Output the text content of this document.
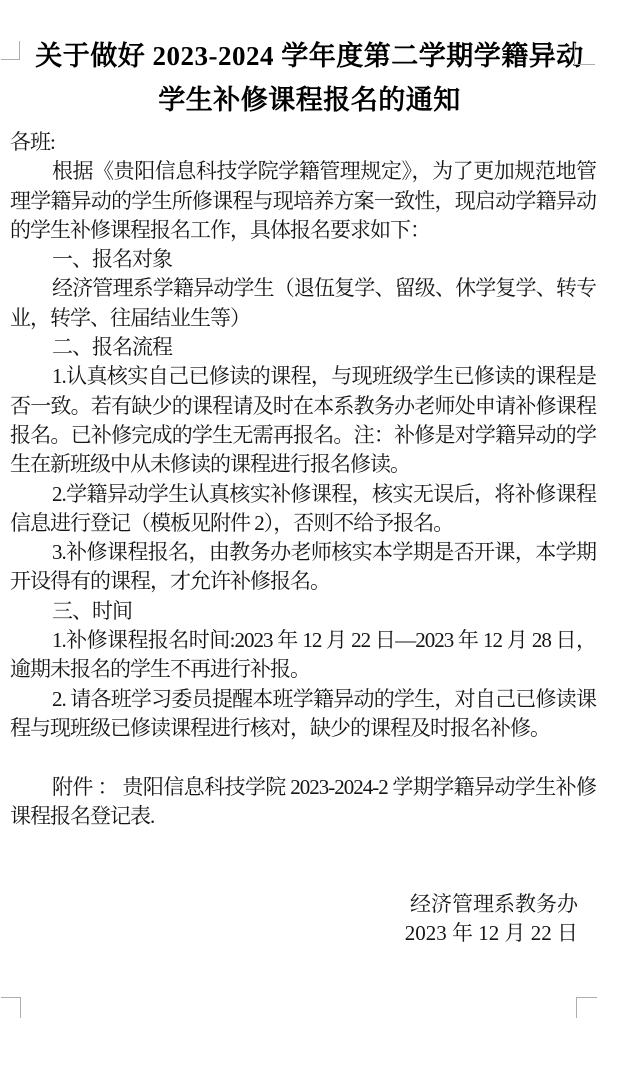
关于做好 2023-2024 学年度第二学期学籍异动
学生补修课程报名的通知

各班:

根据《贵阳信息科技学院学籍管理规定》，为了更加规范地管理学籍异动的学生所修课程与现培养方案一致性，现启动学籍异动的学生补修课程报名工作，具体报名要求如下：

一、报名对象

经济管理系学籍异动学生（退伍复学、留级、休学复学、转专业，转学、往届结业生等）

二、报名流程

1.认真核实自己已修读的课程，与现班级学生已修读的课程是否一致。若有缺少的课程请及时在本系教务办老师处申请补修课程报名。已补修完成的学生无需再报名。注：补修是对学籍异动的学生在新班级中从未修读的课程进行报名修读。

2.学籍异动学生认真核实补修课程，核实无误后，将补修课程信息进行登记（模板见附件 2），否则不给予报名。

3.补修课程报名，由教务办老师核实本学期是否开课，本学期开设得有的课程，才允许补修报名。

三、时间

1.补修课程报名时间:2023 年 12 月 22 日—2023 年 12 月 28 日，逾期未报名的学生不再进行补报。

2. 请各班学习委员提醒本班学籍异动的学生，对自己已修读课程与现班级已修读课程进行核对，缺少的课程及时报名补修。

附件 ： 贵阳信息科技学院 2023-2024-2 学期学籍异动学生补修课程报名登记表.

经济管理系教务办

2023 年 12 月 22 日
